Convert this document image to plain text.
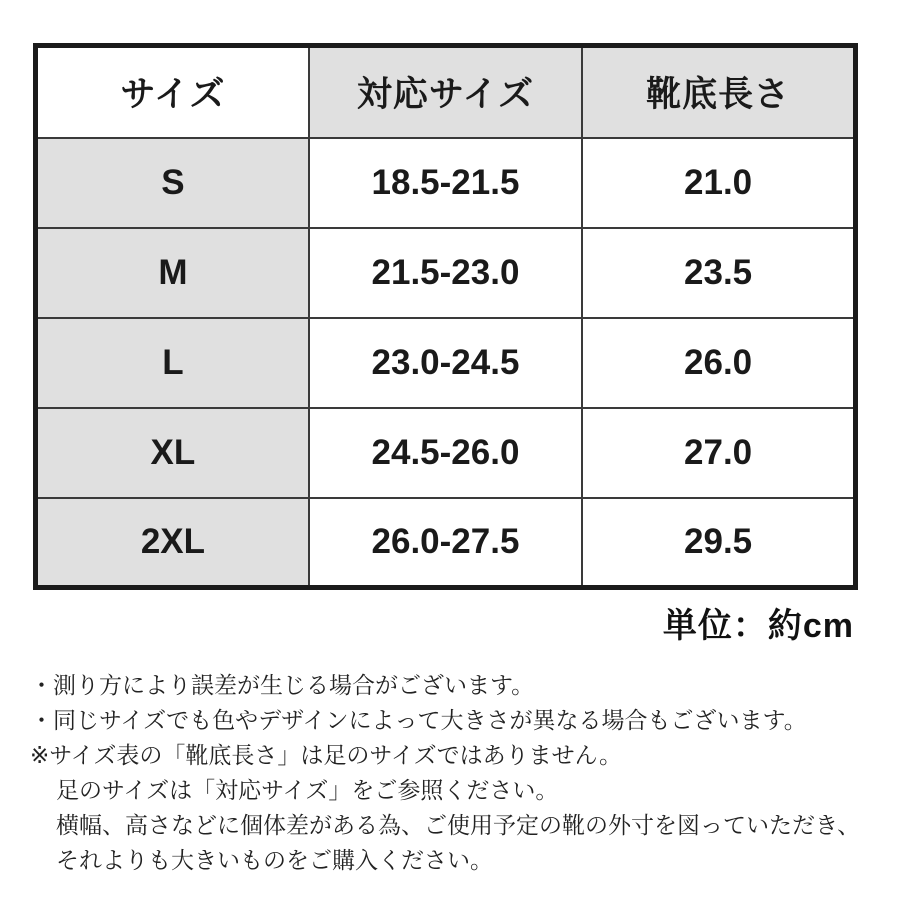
サイズ	対応サイズ	靴底長さ
S	18.5-21.5	21.0
M	21.5-23.0	23.5
L	23.0-24.5	26.0
XL	24.5-26.0	27.0
2XL	26.0-27.5	29.5
単位：約cm
・測り方により誤差が生じる場合がございます。
・同じサイズでも色やデザインによって大きさが異なる場合もございます。
※サイズ表の「靴底長さ」は足のサイズではありません。
足のサイズは「対応サイズ」をご参照ください。
横幅、高さなどに個体差がある為、ご使用予定の靴の外寸を図っていただき、
それよりも大きいものをご購入ください。
